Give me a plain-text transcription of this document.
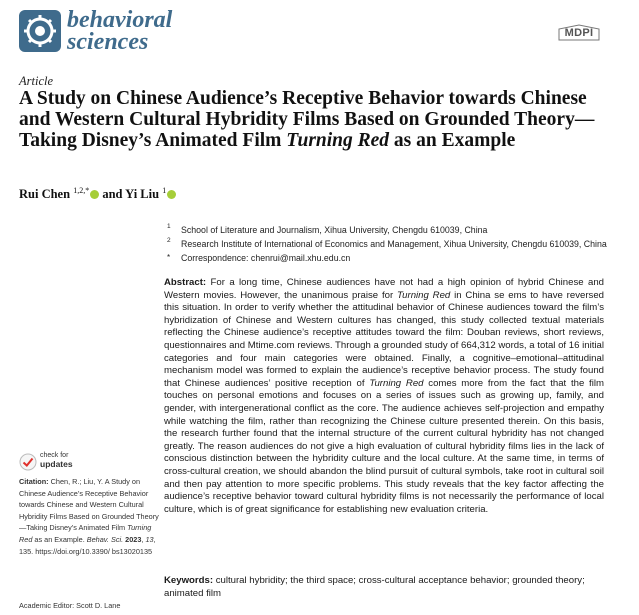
behavioral
sciences	MDPI
Article
A Study on Chinese Audience’s Receptive Behavior towards Chinese and Western Cultural Hybridity Films Based on Grounded Theory—Taking Disney’s Animated Film Turning Red as an Example
Rui Chen $^{1,2,*}$ and Yi Liu $^1$
1 School of Literature and Journalism, Xihua University, Chengdu 610039, China
2 Research Institute of International of Economics and Management, Xihua University, Chengdu 610039, China
* Correspondence: chenrui@mail.xhu.edu.cn
Abstract: For a long time, Chinese audiences have not had a high opinion of hybrid Chinese and Western movies. However, the unanimous praise for Turning Red in China se ems to have reversed this situation. In order to verify whether the attitudinal behavior of Chinese audiences toward the film’s hybridization of Chinese and Western cultures has changed, this study collected textual materials reflecting the Chinese audience’s receptive attitudes toward the film: Douban reviews, short reviews, questionnaires and Mtime.com reviews. Through a grounded study of 664,312 words, a total of 16 initial categories and four main categories were obtained. Finally, a cognitive–emotional–attitudinal mechanism model was formed to explain the audience’s receptive behavior process. The study found that Chinese audiences’ positive reception of Turning Red comes more from the fact that the film touches on personal emotions and focuses on a series of issues such as growing up, family, and gender, with intergenerational conflict as the core. The audience achieves self-projection and empathy while watching the film, rather than recognizing the Chinese culture presented therein. On this basis, the research further found that the internal structure of the current cultural hybridity has not changed greatly. The reason audiences do not give a high evaluation of cultural hybridity films lies in the lack of conscious distinction between the hybridity culture and the local culture. At the same time, in terms of cross-cultural creation, we should abandon the blind pursuit of cultural symbols, take root in cultural soil and then pay attention to more specific problems. This study reveals that the key factor affecting the audience’s receptive behavior toward cultural hybridity films is not necessarily the performance of local culture, which is of great significance for establishing new evaluation criteria.
check for
updates
Citation: Chen, R.; Liu, Y. A Study on Chinese Audience’s Receptive Behavior towards Chinese and Western Cultural Hybridity Films Based on Grounded Theory—Taking Disney’s Animated Film Turning Red as an Example. Behav. Sci. 2023, 13, 135. https://doi.org/10.3390/ bs13020135
Academic Editor: Scott D. Lane
Keywords: cultural hybridity; the third space; cross-cultural acceptance behavior; grounded theory; animated film
